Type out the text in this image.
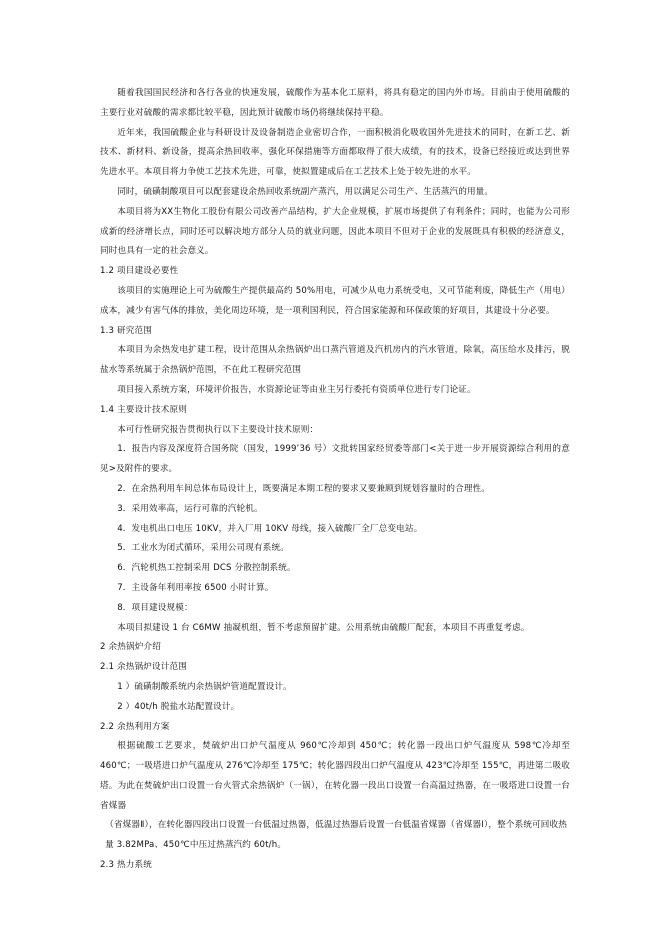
随着我国国民经济和各行各业的快速发展，硫酸作为基本化工原料，将具有稳定的国内外市场。目前由于使用硫酸的主要行业对硫酸的需求都比较平稳，因此预计硫酸市场仍将继续保持平稳。

近年来，我国硫酸企业与科研设计及设备制造企业密切合作，一面积极消化吸收国外先进技术的同时，在新工艺、新技术、新材料、新设备，提高余热回收率，强化环保措施等方面都取得了很大成绩，有的技术，设备已经接近或达到世界先进水平。本项目将力争使工艺技术先进，可靠，使拟置建成后在工艺技术上处于较先进的水平。

同时，硫磺制酸项目可以配套建设余热回收系统副产蒸汽，用以满足公司生产、生活蒸汽的用量。

本项目将为XX生物化工股份有限公司改善产品结构，扩大企业规模，扩展市场提供了有利条件；同时，也能为公司形成新的经济增长点，同时还可以解决地方部分人员的就业问题，因此本项目不但对于企业的发展既具有积极的经济意义，同时也具有一定的社会意义。

1.2 项目建设必要性

该项目的实施理论上可为硫酸生产提供最高约 50%用电，可减少从电力系统受电，又可节能利废，降低生产（用电）成本，减少有害气体的排放，美化周边环境，是一项利国利民，符合国家能源和环保政策的好项目，其建设十分必要。

1.3 研究范围

本项目为余热发电扩建工程，设计范围从余热锅炉出口蒸汽管道及汽机房内的汽水管道，除氧，高压给水及排污，脱盐水等系统属于余热锅炉范围，不在此工程研究范围

项目接入系统方案，环境评价报告，水资源论证等由业主另行委托有资质单位进行专门论证。

1.4 主要设计技术原则

本可行性研究报告贯彻执行以下主要设计技术原则：

1．报告内容及深度符合国务院（国发，1999’36 号）文批转国家经贸委等部门<关于进一步开展资源综合利用的意见>及附件的要求。

2．在余热利用车间总体布局设计上，既要满足本期工程的要求又要兼顾到规划容量时的合理性。

3．采用效率高，运行可靠的汽轮机。

4．发电机出口电压 10KV，并入厂用 10KV 母线，接入硫酸厂全厂总变电站。

5．工业水为闭式循环，采用公司现有系统。

6．汽轮机热工控制采用 DCS 分散控制系统。

7．主设备年利用率按 6500 小时计算。

8．项目建设规模：

本项目拟建设 1 台 C6MW 抽凝机组，暂不考虑预留扩建。公用系统由硫酸厂配套，本项目不再重复考虑。

2 余热锅炉介绍

2.1 余热锅炉设计范围

1 ）硫磺制酸系统内余热锅炉管道配置设计。

2 ）40t/h 脱盐水站配置设计。

2.2 余热利用方案

根据硫酸工艺要求，焚硫炉出口炉气温度从 960℃冷却到 450℃；转化器一段出口炉气温度从 598℃冷却至 460℃；一吸塔进口炉气温度从 276℃冷却至 175℃；转化器四段出口炉气温度从 423℃冷却至 155℃，再进第二吸收塔。为此在焚硫炉出口设置一台火管式余热锅炉（一锅），在转化器一段出口设置一台高温过热器，在一吸塔进口设置一台省煤器

（省煤器Ⅱ），在转化器四段出口设置一台低温过热器，低温过热器后设置一台低温省煤器（省煤器Ⅰ），整个系统可回收热量 3.82MPa、450℃中压过热蒸汽约 60t/h。

2.3 热力系统
